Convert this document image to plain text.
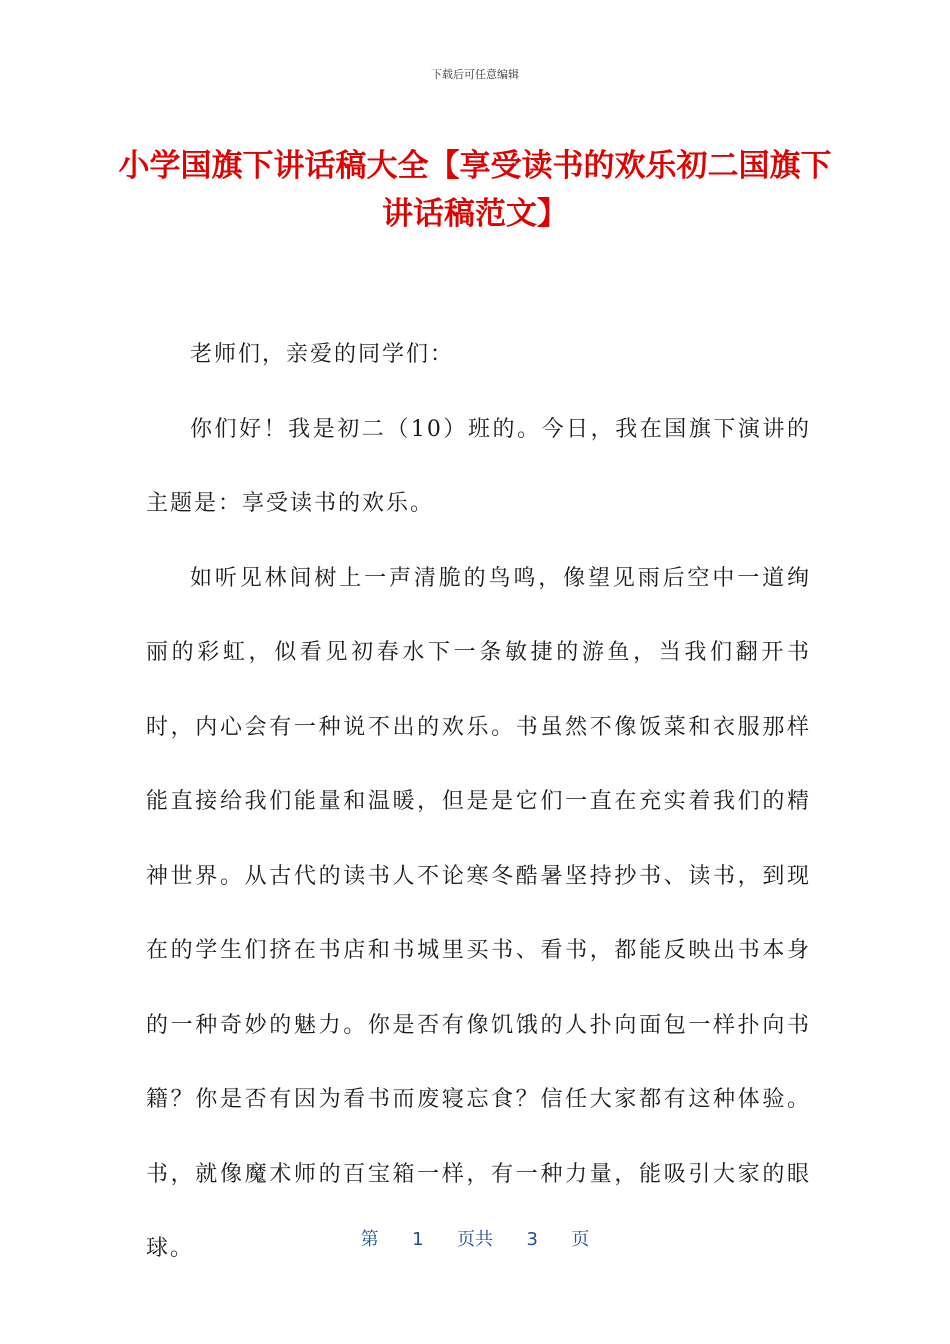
下载后可任意编辑
小学国旗下讲话稿大全【享受读书的欢乐初二国旗下讲话稿范文】

老师们，亲爱的同学们：

你们好！我是初二（10）班的。今日，我在国旗下演讲的主题是：享受读书的欢乐。

如听见林间树上一声清脆的鸟鸣，像望见雨后空中一道绚丽的彩虹，似看见初春水下一条敏捷的游鱼，当我们翻开书时，内心会有一种说不出的欢乐。书虽然不像饭菜和衣服那样能直接给我们能量和温暖，但是是它们一直在充实着我们的精神世界。从古代的读书人不论寒冬酷暑坚持抄书、读书，到现在的学生们挤在书店和书城里买书、看书，都能反映出书本身的一种奇妙的魅力。你是否有像饥饿的人扑向面包一样扑向书籍？你是否有因为看书而废寝忘食？信任大家都有这种体验。书，就像魔术师的百宝箱一样，有一种力量，能吸引大家的眼球。	第 1 页共 3 页
